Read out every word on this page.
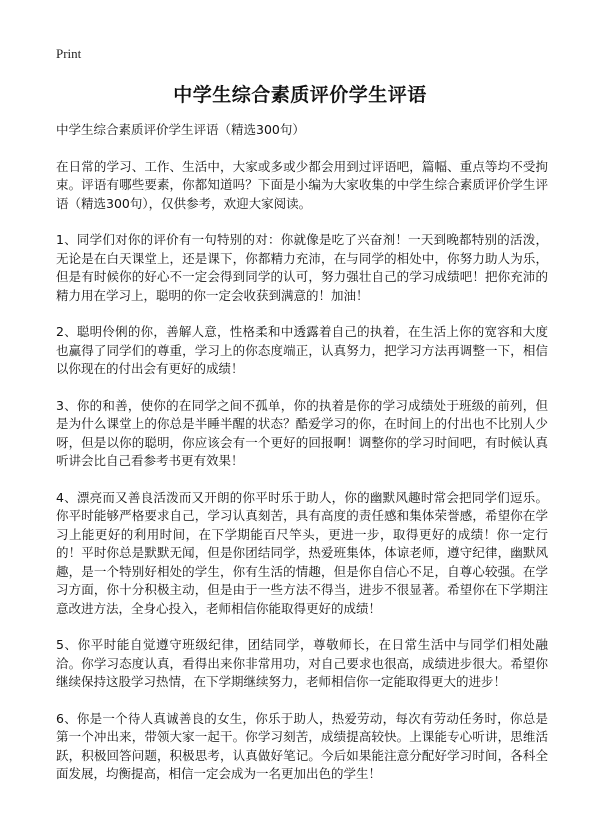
Print
中学生综合素质评价学生评语

中学生综合素质评价学生评语（精选300句）

在日常的学习、工作、生活中，大家或多或少都会用到过评语吧，篇幅、重点等均不受拘束。评语有哪些要素，你都知道吗？下面是小编为大家收集的中学生综合素质评价学生评语（精选300句），仅供参考，欢迎大家阅读。

1、同学们对你的评价有一句特别的对：你就像是吃了兴奋剂！一天到晚都特别的活泼，无论是在白天课堂上，还是课下，你都精力充沛，在与同学的相处中，你努力助人为乐，但是有时候你的好心不一定会得到同学的认可，努力强壮自己的学习成绩吧！把你充沛的精力用在学习上，聪明的你一定会收获到满意的！加油！

2、聪明伶俐的你，善解人意，性格柔和中透露着自己的执着，在生活上你的宽容和大度也赢得了同学们的尊重，学习上的你态度端正，认真努力，把学习方法再调整一下，相信以你现在的付出会有更好的成绩！

3、你的和善，使你的在同学之间不孤单，你的执着是你的学习成绩处于班级的前列，但是为什么课堂上的你总是半睡半醒的状态？酷爱学习的你，在时间上的付出也不比别人少呀，但是以你的聪明，你应该会有一个更好的回报啊！调整你的学习时间吧，有时候认真听讲会比自己看参考书更有效果！

4、漂亮而又善良活泼而又开朗的你平时乐于助人，你的幽默风趣时常会把同学们逗乐。你平时能够严格要求自己，学习认真刻苦，具有高度的责任感和集体荣誉感，希望你在学习上能更好的利用时间，在下学期能百尺竿头，更进一步，取得更好的成绩！你一定行的！平时你总是默默无闻，但是你团结同学，热爱班集体，体谅老师，遵守纪律，幽默风趣，是一个特别好相处的学生，你有生活的情趣，但是你自信心不足，自尊心较强。在学习方面，你十分积极主动，但是由于一些方法不得当，进步不很显著。希望你在下学期注意改进方法，全身心投入，老师相信你能取得更好的成绩！

5、你平时能自觉遵守班级纪律，团结同学，尊敬师长，在日常生活中与同学们相处融洽。你学习态度认真，看得出来你非常用功，对自己要求也很高，成绩进步很大。希望你继续保持这股学习热情，在下学期继续努力，老师相信你一定能取得更大的进步！

6、你是一个待人真诚善良的女生，你乐于助人，热爱劳动，每次有劳动任务时，你总是第一个冲出来，带领大家一起干。你学习刻苦，成绩提高较快。上课能专心听讲，思维活跃，积极回答问题，积极思考，认真做好笔记。今后如果能注意分配好学习时间，各科全面发展，均衡提高，相信一定会成为一名更加出色的学生！
